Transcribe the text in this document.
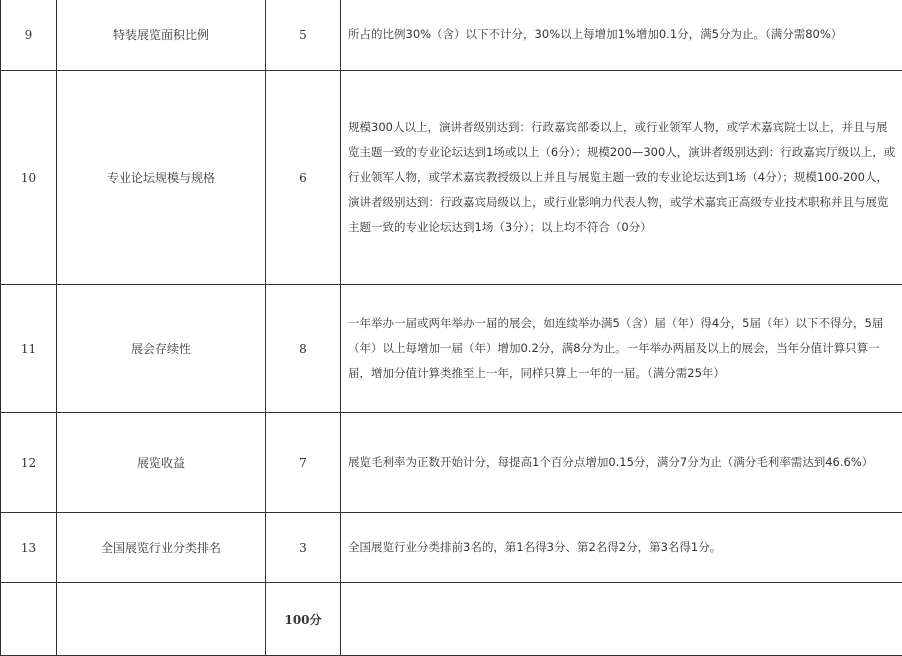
9	特装展览面积比例	5	所占的比例30%（含）以下不计分，30%以上每增加1%增加0.1分，满5分为止。（满分需80%）
10	专业论坛规模与规格	6	规模300人以上，演讲者级别达到：行政嘉宾部委以上，或行业领军人物，或学术嘉宾院士以上，并且与展览主题一致的专业论坛达到1场或以上（6分）；规模200—300人，演讲者级别达到：行政嘉宾厅级以上，或行业领军人物，或学术嘉宾教授级以上并且与展览主题一致的专业论坛达到1场（4分）；规模100-200人，演讲者级别达到：行政嘉宾局级以上，或行业影响力代表人物，或学术嘉宾正高级专业技术职称并且与展览主题一致的专业论坛达到1场（3分）；以上均不符合（0分）
11	展会存续性	8	一年举办一届或两年举办一届的展会，如连续举办满5（含）届（年）得4分，5届（年）以下不得分，5届（年）以上每增加一届（年）增加0.2分，满8分为止。一年举办两届及以上的展会，当年分值计算只算一届，增加分值计算类推至上一年，同样只算上一年的一届。（满分需25年）
12	展览收益	7	展览毛利率为正数开始计分，每提高1个百分点增加0.15分，满分7分为止（满分毛利率需达到46.6%）
13	全国展览行业分类排名	3	全国展览行业分类排前3名的，第1名得3分、第2名得2分，第3名得1分。
		100分	
